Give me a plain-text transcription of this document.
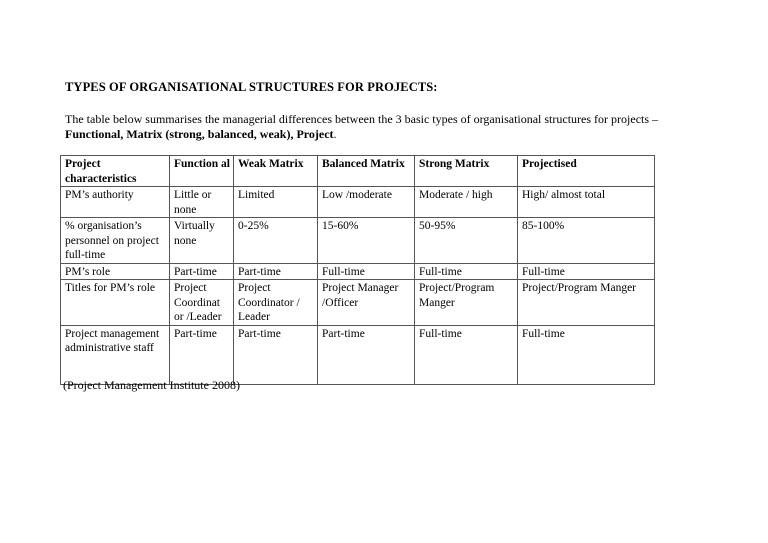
TYPES OF ORGANISATIONAL STRUCTURES FOR PROJECTS:
The table below summarises the managerial differences between the 3 basic types of organisational structures for projects –
Functional, Matrix (strong, balanced, weak), Project.
Project characteristics	Function al	Weak Matrix	Balanced Matrix	Strong Matrix	Projectised
PM’s authority	Little or none	Limited	Low /moderate	Moderate / high	High/ almost total
% organisation’s personnel on project full-time	Virtually none	0-25%	15-60%	50-95%	85-100%
PM’s role	Part-time	Part-time	Full-time	Full-time	Full-time
Titles for PM’s role	Project Coordinat or /Leader	Project Coordinator / Leader	Project Manager /Officer	Project/Program Manger	Project/Program Manger
Project management administrative staff	Part-time	Part-time	Part-time	Full-time	Full-time
(Project Management Institute 2008)
